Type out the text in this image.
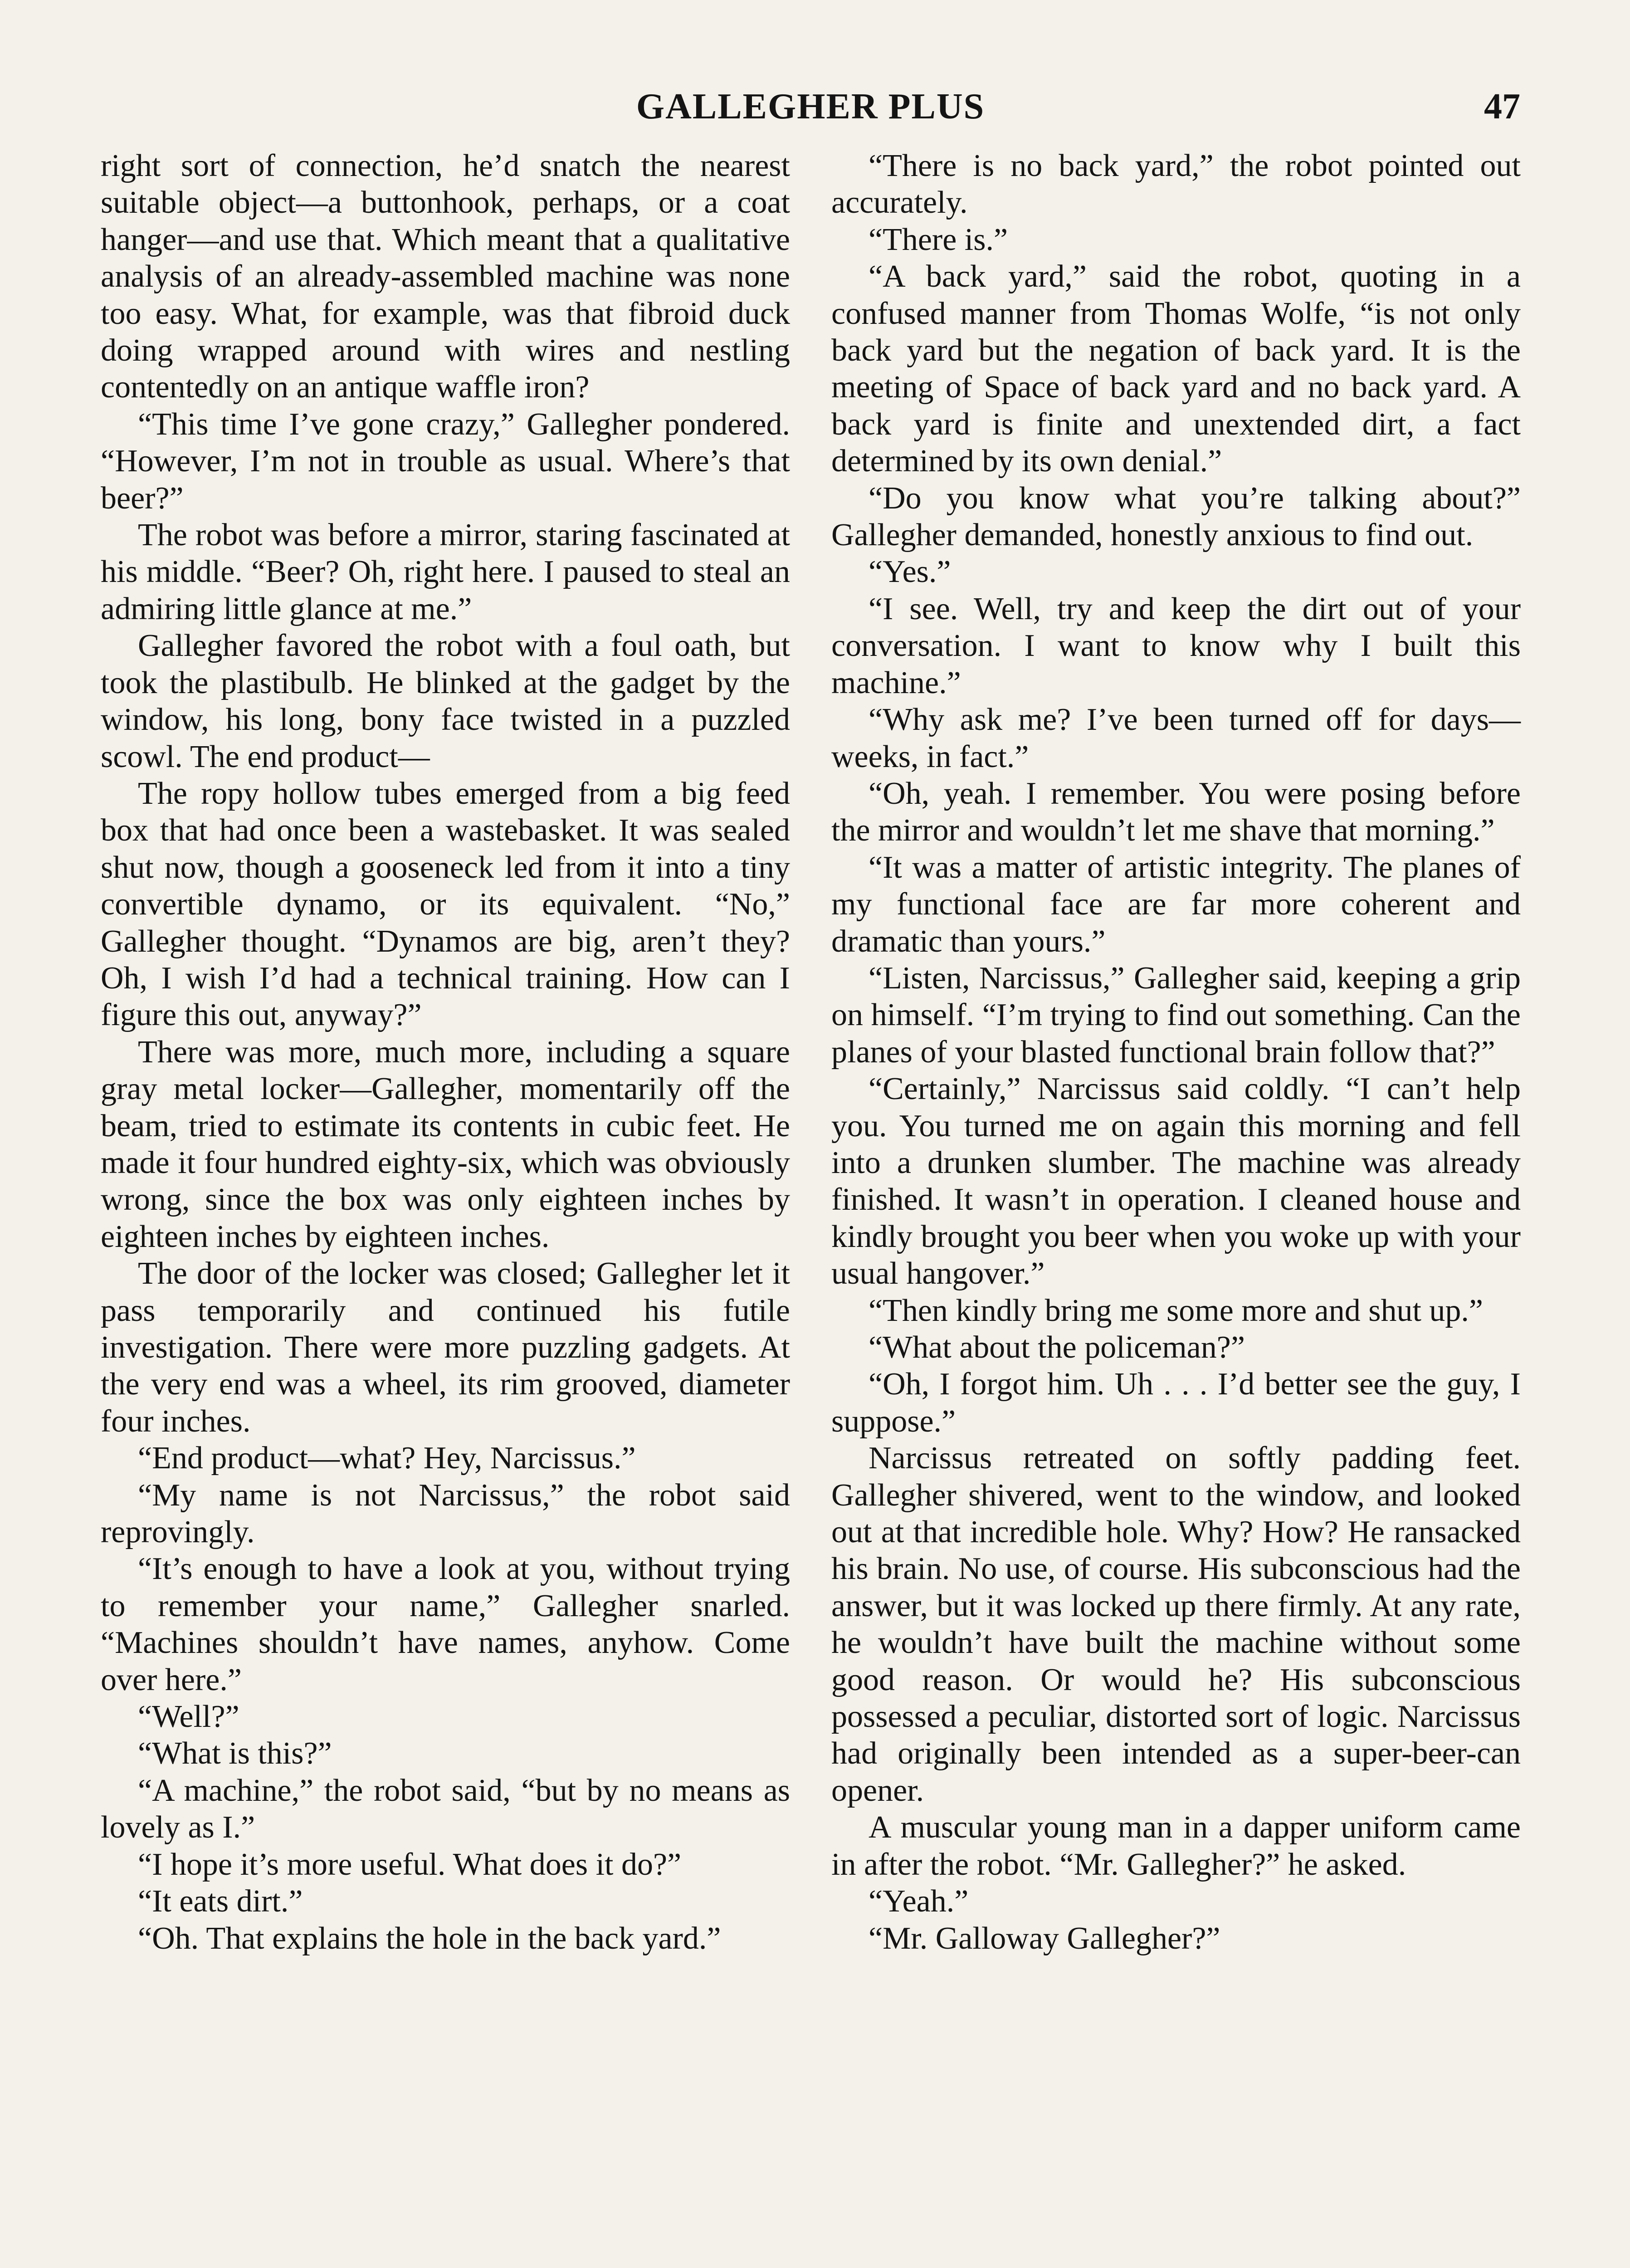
GALLEGHER PLUS	47

right sort of connection, he’d snatch the nearest suitable object—a buttonhook, perhaps, or a coat hanger—and use that. Which meant that a qualitative analysis of an already-assembled machine was none too easy. What, for example, was that fibroid duck doing wrapped around with wires and nestling contentedly on an antique waffle iron?

“This time I’ve gone crazy,” Gallegher pondered. “However, I’m not in trouble as usual. Where’s that beer?”

The robot was before a mirror, staring fascinated at his middle. “Beer? Oh, right here. I paused to steal an admiring little glance at me.”

Gallegher favored the robot with a foul oath, but took the plastibulb. He blinked at the gadget by the window, his long, bony face twisted in a puzzled scowl. The end product—

The ropy hollow tubes emerged from a big feed box that had once been a wastebasket. It was sealed shut now, though a gooseneck led from it into a tiny convertible dynamo, or its equivalent. “No,” Gallegher thought. “Dynamos are big, aren’t they? Oh, I wish I’d had a technical training. How can I figure this out, anyway?”

There was more, much more, including a square gray metal locker—Gallegher, momentarily off the beam, tried to estimate its contents in cubic feet. He made it four hundred eighty-six, which was obviously wrong, since the box was only eighteen inches by eighteen inches by eighteen inches.

The door of the locker was closed; Gallegher let it pass temporarily and continued his futile investigation. There were more puzzling gadgets. At the very end was a wheel, its rim grooved, diameter four inches.

“End product—what? Hey, Narcissus.”

“My name is not Narcissus,” the robot said reprovingly.

“It’s enough to have a look at you, without trying to remember your name,” Gallegher snarled. “Machines shouldn’t have names, anyhow. Come over here.”

“Well?”

“What is this?”

“A machine,” the robot said, “but by no means as lovely as I.”

“I hope it’s more useful. What does it do?”

“It eats dirt.”

“Oh. That explains the hole in the back yard.”

“There is no back yard,” the robot pointed out accurately.

“There is.”

“A back yard,” said the robot, quoting in a confused manner from Thomas Wolfe, “is not only back yard but the negation of back yard. It is the meeting of Space of back yard and no back yard. A back yard is finite and unextended dirt, a fact determined by its own denial.”

“Do you know what you’re talking about?” Gallegher demanded, honestly anxious to find out.

“Yes.”

“I see. Well, try and keep the dirt out of your conversation. I want to know why I built this machine.”

“Why ask me? I’ve been turned off for days—weeks, in fact.”

“Oh, yeah. I remember. You were posing before the mirror and wouldn’t let me shave that morning.”

“It was a matter of artistic integrity. The planes of my functional face are far more coherent and dramatic than yours.”

“Listen, Narcissus,” Gallegher said, keeping a grip on himself. “I’m trying to find out something. Can the planes of your blasted functional brain follow that?”

“Certainly,” Narcissus said coldly. “I can’t help you. You turned me on again this morning and fell into a drunken slumber. The machine was already finished. It wasn’t in operation. I cleaned house and kindly brought you beer when you woke up with your usual hangover.”

“Then kindly bring me some more and shut up.”

“What about the policeman?”

“Oh, I forgot him. Uh . . . I’d better see the guy, I suppose.”

Narcissus retreated on softly padding feet. Gallegher shivered, went to the window, and looked out at that incredible hole. Why? How? He ransacked his brain. No use, of course. His subconscious had the answer, but it was locked up there firmly. At any rate, he wouldn’t have built the machine without some good reason. Or would he? His subconscious possessed a peculiar, distorted sort of logic. Narcissus had originally been intended as a super-beer-can opener.

A muscular young man in a dapper uniform came in after the robot. “Mr. Gallegher?” he asked.

“Yeah.”

“Mr. Galloway Gallegher?”
